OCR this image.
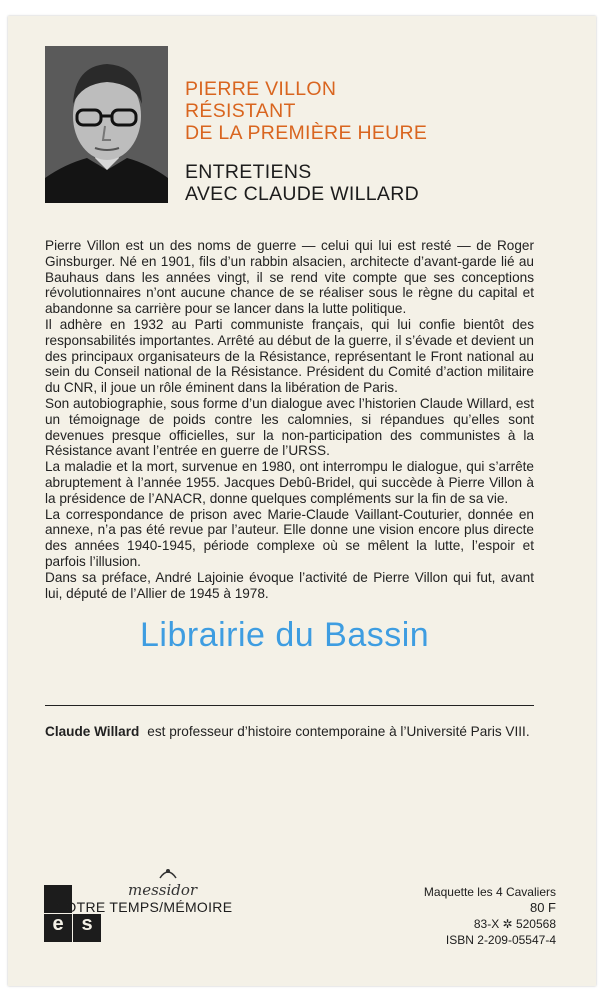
PIERRE VILLON
RÉSISTANT
DE LA PREMIÈRE HEURE
ENTRETIENS
AVEC CLAUDE WILLARD

Pierre Villon est un des noms de guerre — celui qui lui est resté — de Roger Ginsburger. Né en 1901, fils d’un rabbin alsacien, architecte d’avant-garde lié au Bauhaus dans les années vingt, il se rend vite compte que ses conceptions révolutionnaires n’ont aucune chance de se réaliser sous le règne du capital et abandonne sa carrière pour se lancer dans la lutte politique.

Il adhère en 1932 au Parti communiste français, qui lui confie bientôt des responsabilités importantes. Arrêté au début de la guerre, il s’évade et devient un des principaux organisateurs de la Résistance, représentant le Front national au sein du Conseil national de la Résistance. Président du Comité d’action militaire du CNR, il joue un rôle éminent dans la libération de Paris.

Son autobiographie, sous forme d’un dialogue avec l’historien Claude Willard, est un témoignage de poids contre les calomnies, si répandues qu’elles sont devenues presque officielles, sur la non-participation des communistes à la Résistance avant l’entrée en guerre de l’URSS.

La maladie et la mort, survenue en 1980, ont interrompu le dialogue, qui s’arrête abruptement à l’année 1955. Jacques Debû-Bridel, qui succède à Pierre Villon à la présidence de l’ANACR, donne quelques compléments sur la fin de sa vie.

La correspondance de prison avec Marie-Claude Vaillant-Couturier, donnée en annexe, n’a pas été revue par l’auteur. Elle donne une vision encore plus directe des années 1940-1945, période complexe où se mêlent la lutte, l’espoir et parfois l’illusion.

Dans sa préface, André Lajoinie évoque l’activité de Pierre Villon qui fut, avant lui, député de l’Allier de 1945 à 1978.

Librairie du Bassin
Claude Willard est professeur d’histoire contemporaine à l’Université Paris VIII.
messidor
e s
NOTRE TEMPS/MÉMOIRE
Maquette les 4 Cavaliers
80 F
83-X ✲ 520568
ISBN 2-209-05547-4
